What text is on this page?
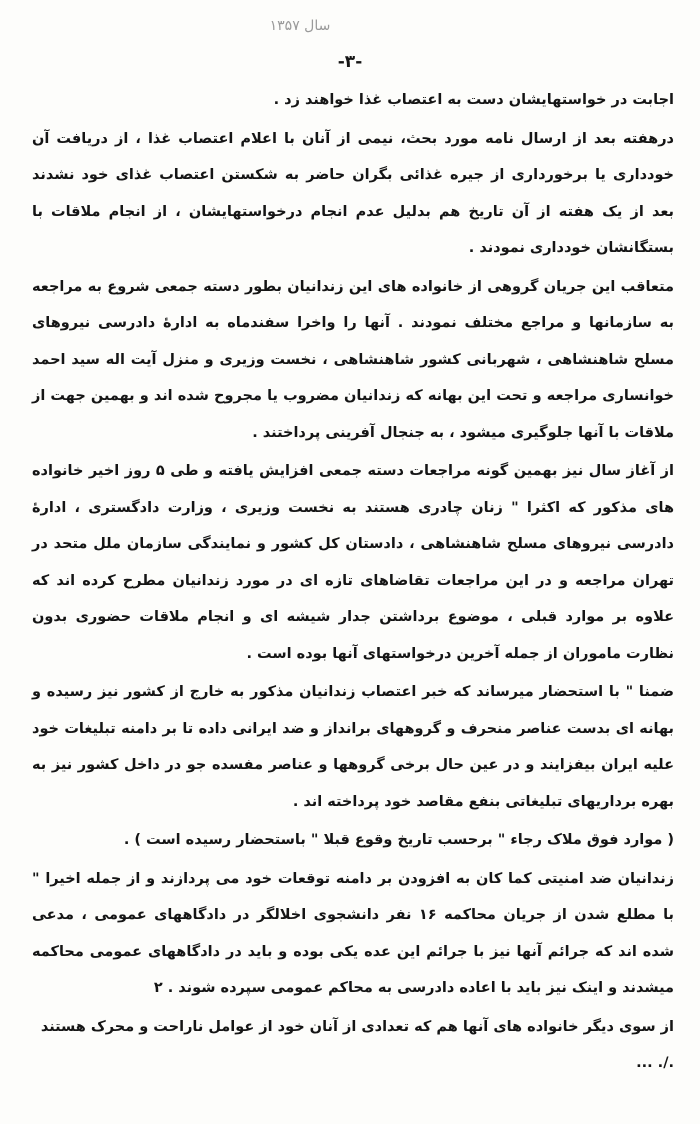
سال ۱۳۵۷
-۳-

اجابت در خواستهایشان دست به اعتصاب غذا خواهند زد .

درهفته بعد از ارسال نامه مورد بحث، نیمی از آنان با اعلام اعتصاب غذا ، از دریافت آن خودداری یا برخورداری از جیره غذائی بگران حاضر به شکستن اعتصاب غذای خود نشدند بعد از یک هفته از آن تاریخ هم بدلیل عدم انجام درخواستهایشان ، از انجام ملاقات با بستگانشان خودداری نمودند .

متعاقب این جریان گروهی از خانواده های این زندانیان بطور دسته جمعی شروع به مراجعه به سازمانها و مراجع مختلف نمودند . آنها را واخرا سفندماه به ادارهٔ دادرسی نیروهای مسلح شاهنشاهی ، شهربانی کشور شاهنشاهی ، نخست وزیری و منزل آیت اله سید احمد خوانساری مراجعه و تحت این بهانه که زندانیان مضروب یا مجروح شده اند و بهمین جهت از ملاقات با آنها جلوگیری میشود ، به جنجال آفرینی پرداختند .

از آغاز سال نیز بهمین گونه مراجعات دسته جمعی افزایش یافته و طی ۵ روز اخیر خانواده های مذکور که اکثرا " زنان چادری هستند به نخست وزیری ، وزارت دادگستری ، ادارهٔ دادرسی نیروهای مسلح شاهنشاهی ، دادستان کل کشور و نمایندگی سازمان ملل متحد در تهران مراجعه و در این مراجعات تقاضاهای تازه ای در مورد زندانیان مطرح کرده اند که علاوه بر موارد قبلی ، موضوع برداشتن جدار شیشه ای و انجام ملاقات حضوری بدون نظارت ماموران از جمله آخرین درخواستهای آنها بوده است .

ضمنا " با استحضار میرساند که خبر اعتصاب زندانیان مذکور به خارج از کشور نیز رسیده و بهانه ای بدست عناصر منحرف و گروههای برانداز و ضد ایرانی داده تا بر دامنه تبلیغات خود علیه ایران بیفزایند و در عین حال برخی گروهها و عناصر مفسده جو در داخل کشور نیز به بهره برداریهای تبلیغاتی بنفع مقاصد خود پرداخته اند .

( موارد فوق ملاک رجاء " برحسب تاریخ وقوع قبلا " باستحضار رسیده است ) .

زندانیان ضد امنیتی کما کان به افزودن بر دامنه توقعات خود می پردازند و از جمله اخیرا " با مطلع شدن از جریان محاکمه ۱۶ نفر دانشجوی اخلالگر در دادگاههای عمومی ، مدعی شده اند که جرائم آنها نیز با جرائم این عده یکی بوده و باید در دادگاههای عمومی محاکمه میشدند و اینک نیز باید با اعاده دادرسی به محاکم عمومی سپرده شوند . ۲

از سوی دیگر خانواده های آنها هم که تعدادی از آنان خود از عوامل ناراحت و محرک هستند ./. ...
